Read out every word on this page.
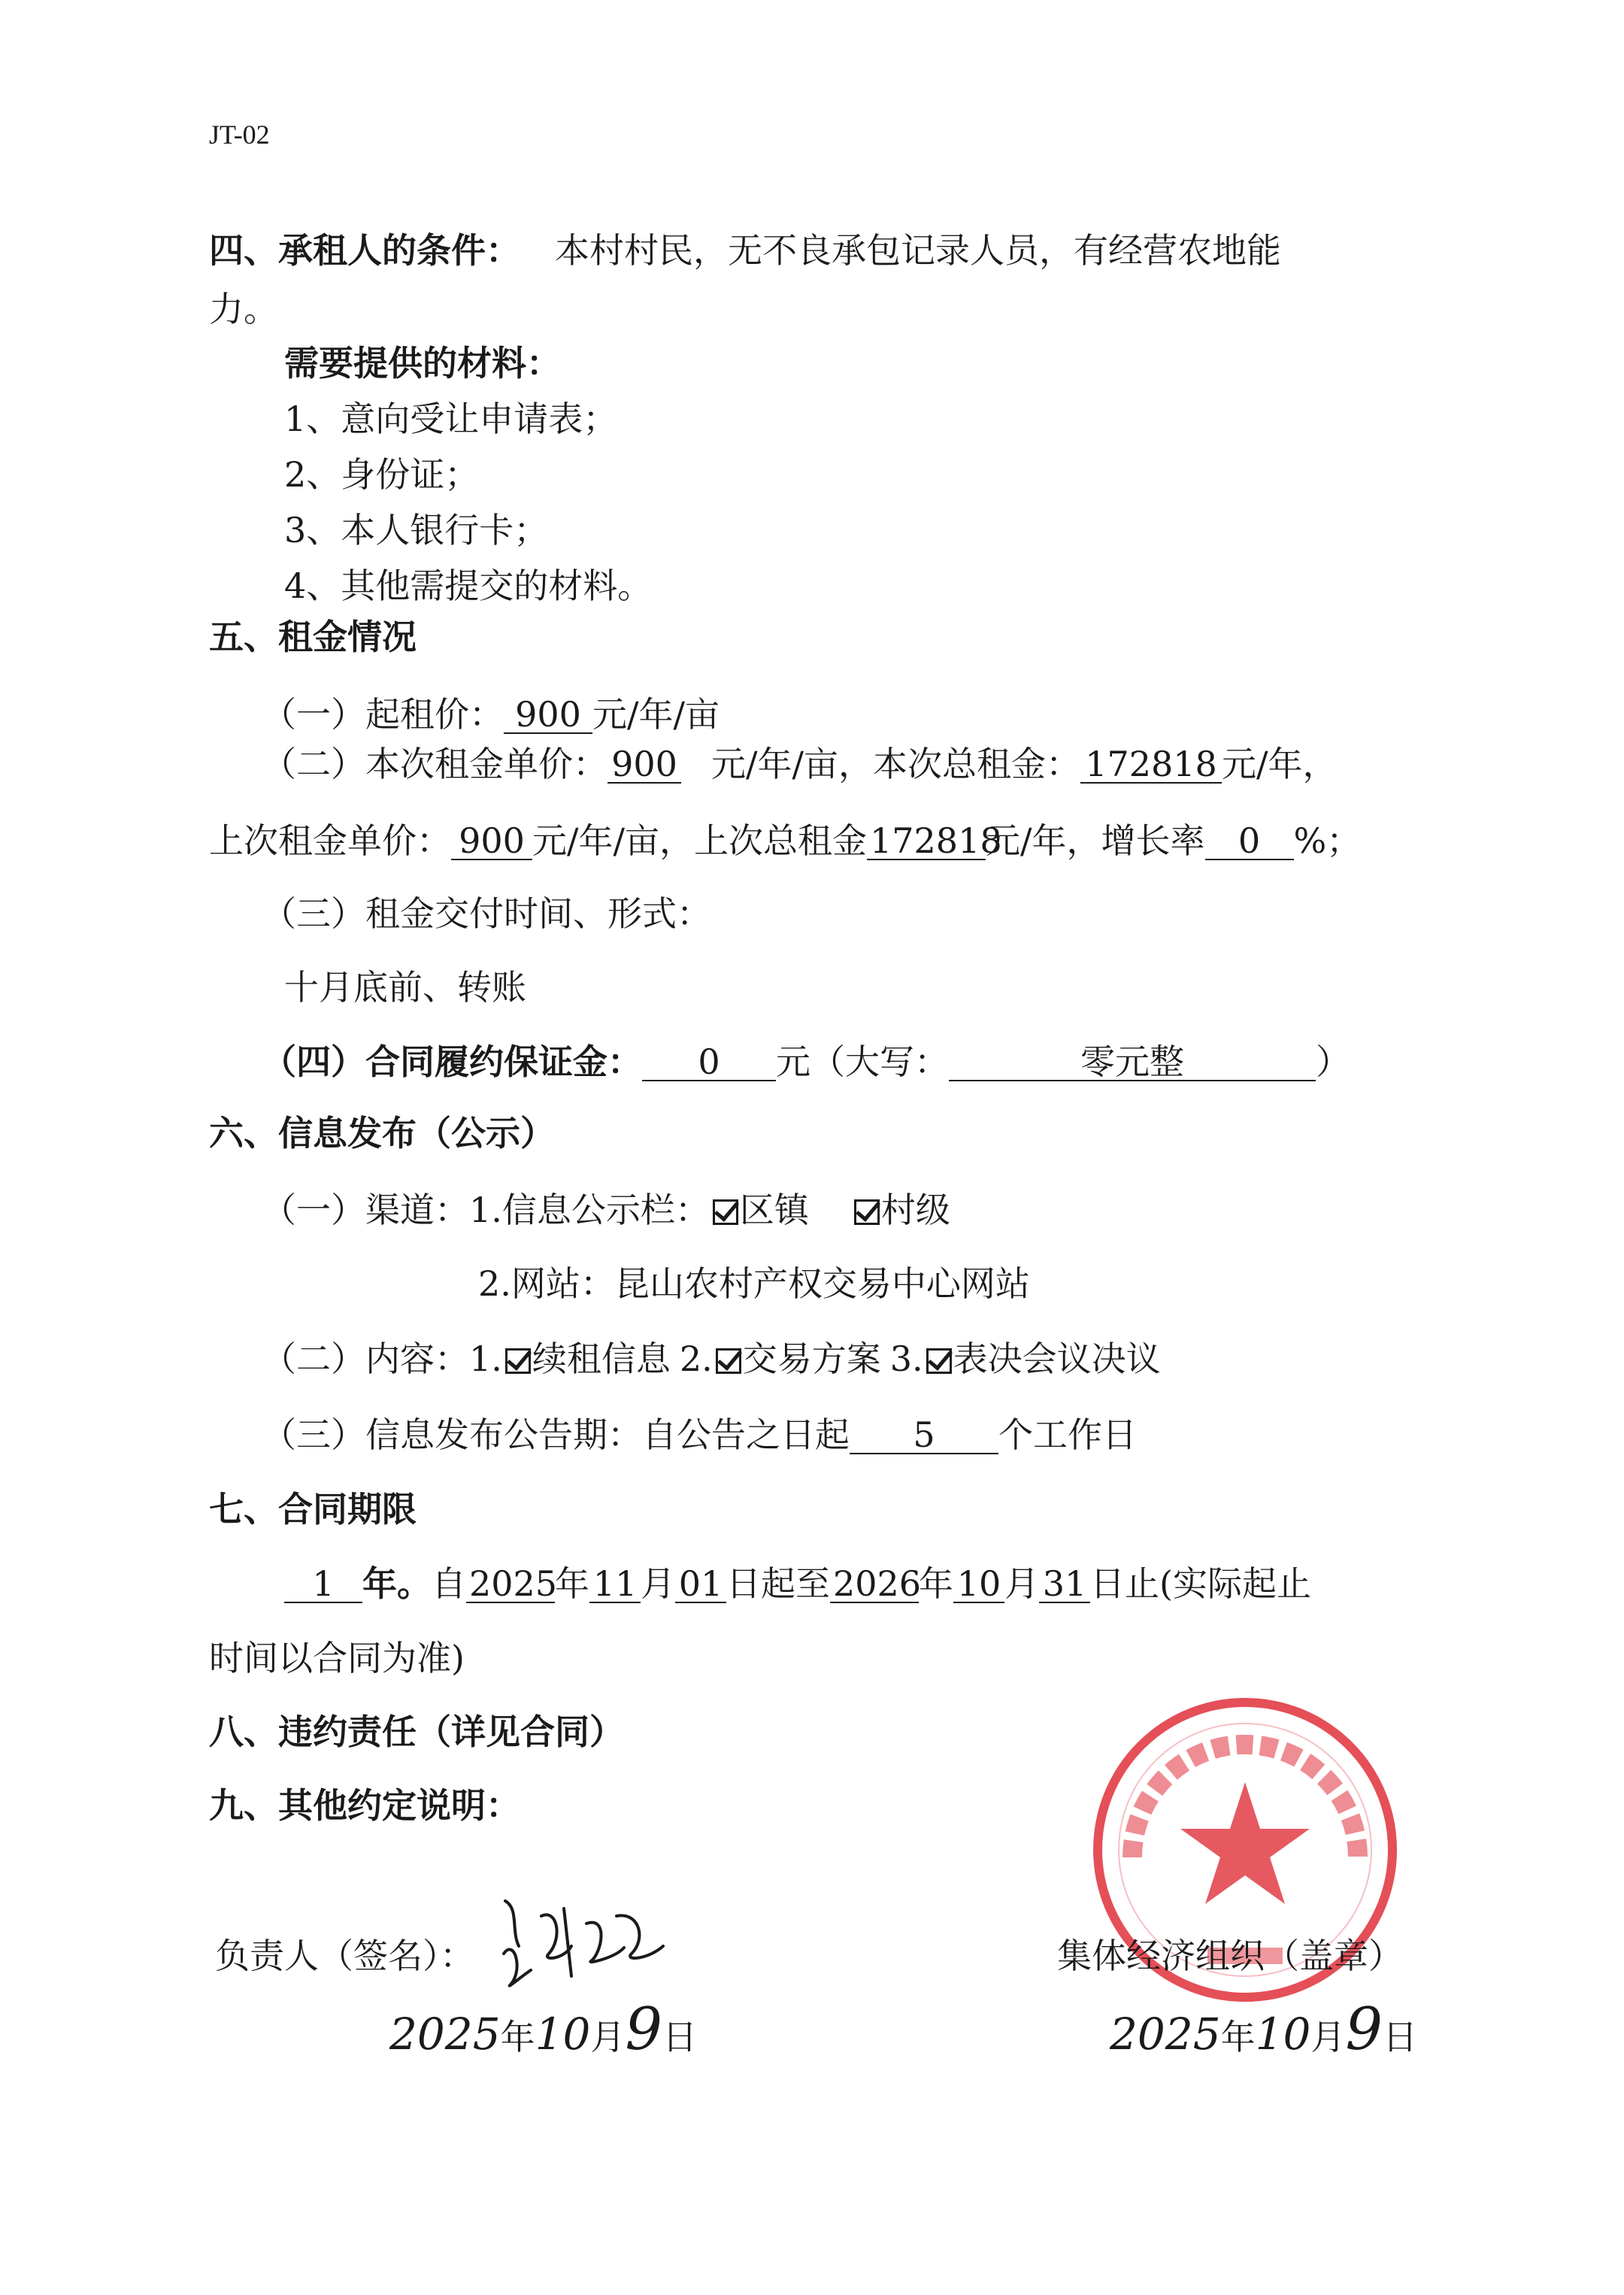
JT-02
四、承租人的条件： 本村村民，无不良承包记录人员，有经营农地能
力。
需要提供的材料：
1、意向受让申请表；
2、身份证；
3、本人银行卡；
4、其他需提交的材料。
五、租金情况
（一）起租价： 900 元/年/亩
（二）本次租金单价： 900 元/年/亩，本次总租金： 172818 元/年，
上次租金单价： 900 元/年/亩，上次总租金172818元/年，增长率 0 %；
（三）租金交付时间、形式：
十月底前、转账
（四）合同履约保证金： 0 元（大写：	零元整	）
六、信息发布（公示）
（一）渠道：1.信息公示栏： 区镇 村级
2.网站：昆山农村产权交易中心网站
（二）内容：1. 续租信息 2. 交易方案 3. 表决会议决议
（三）信息发布公告期：自公告之日起 5 个工作日
七、合同期限
1 年。自2025年 11 月 01 日起至2026年 10 月 31 日止(实际起止
时间以合同为准)
八、违约责任（详见合同）
九、其他约定说明：
负责人（签名）：	集体经济组织（盖章）
2025年10月9日	2025年10月9日
